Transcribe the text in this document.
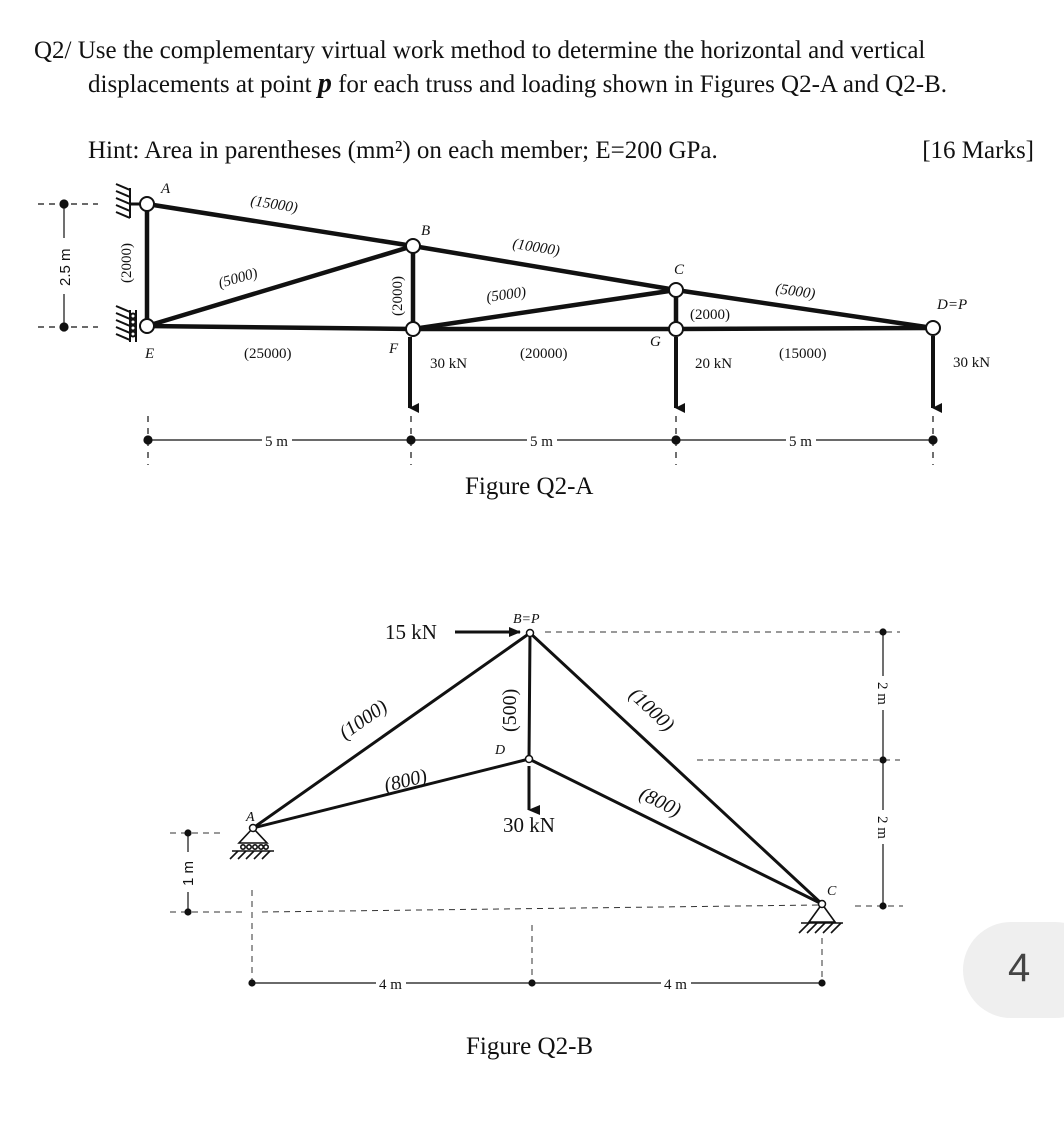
Q2/ Use the complementary virtual work method to determine the horizontal and vertical
displacements at point p for each truss and loading shown in Figures Q2-A and Q2-B.
Hint: Area in parentheses (mm²) on each member; E=200 GPa.	[16 Marks]
A
B
C
D=P
E	F	G
(15000)
(10000)
(5000)
(5000)
(5000)
(2000)
(2000)	(2000)
(25000)	(20000)	(15000)
30 kN	20 kN	30 kN
2.5 m
5 m	5 m	5 m
Figure Q2-A
15 kN
30 kN
A
B=P
D
C
(1000)
(800)
(1000)
(800)
(500)	2 m
2 m
1 m
4 m	4 m
Figure Q2-B
4
